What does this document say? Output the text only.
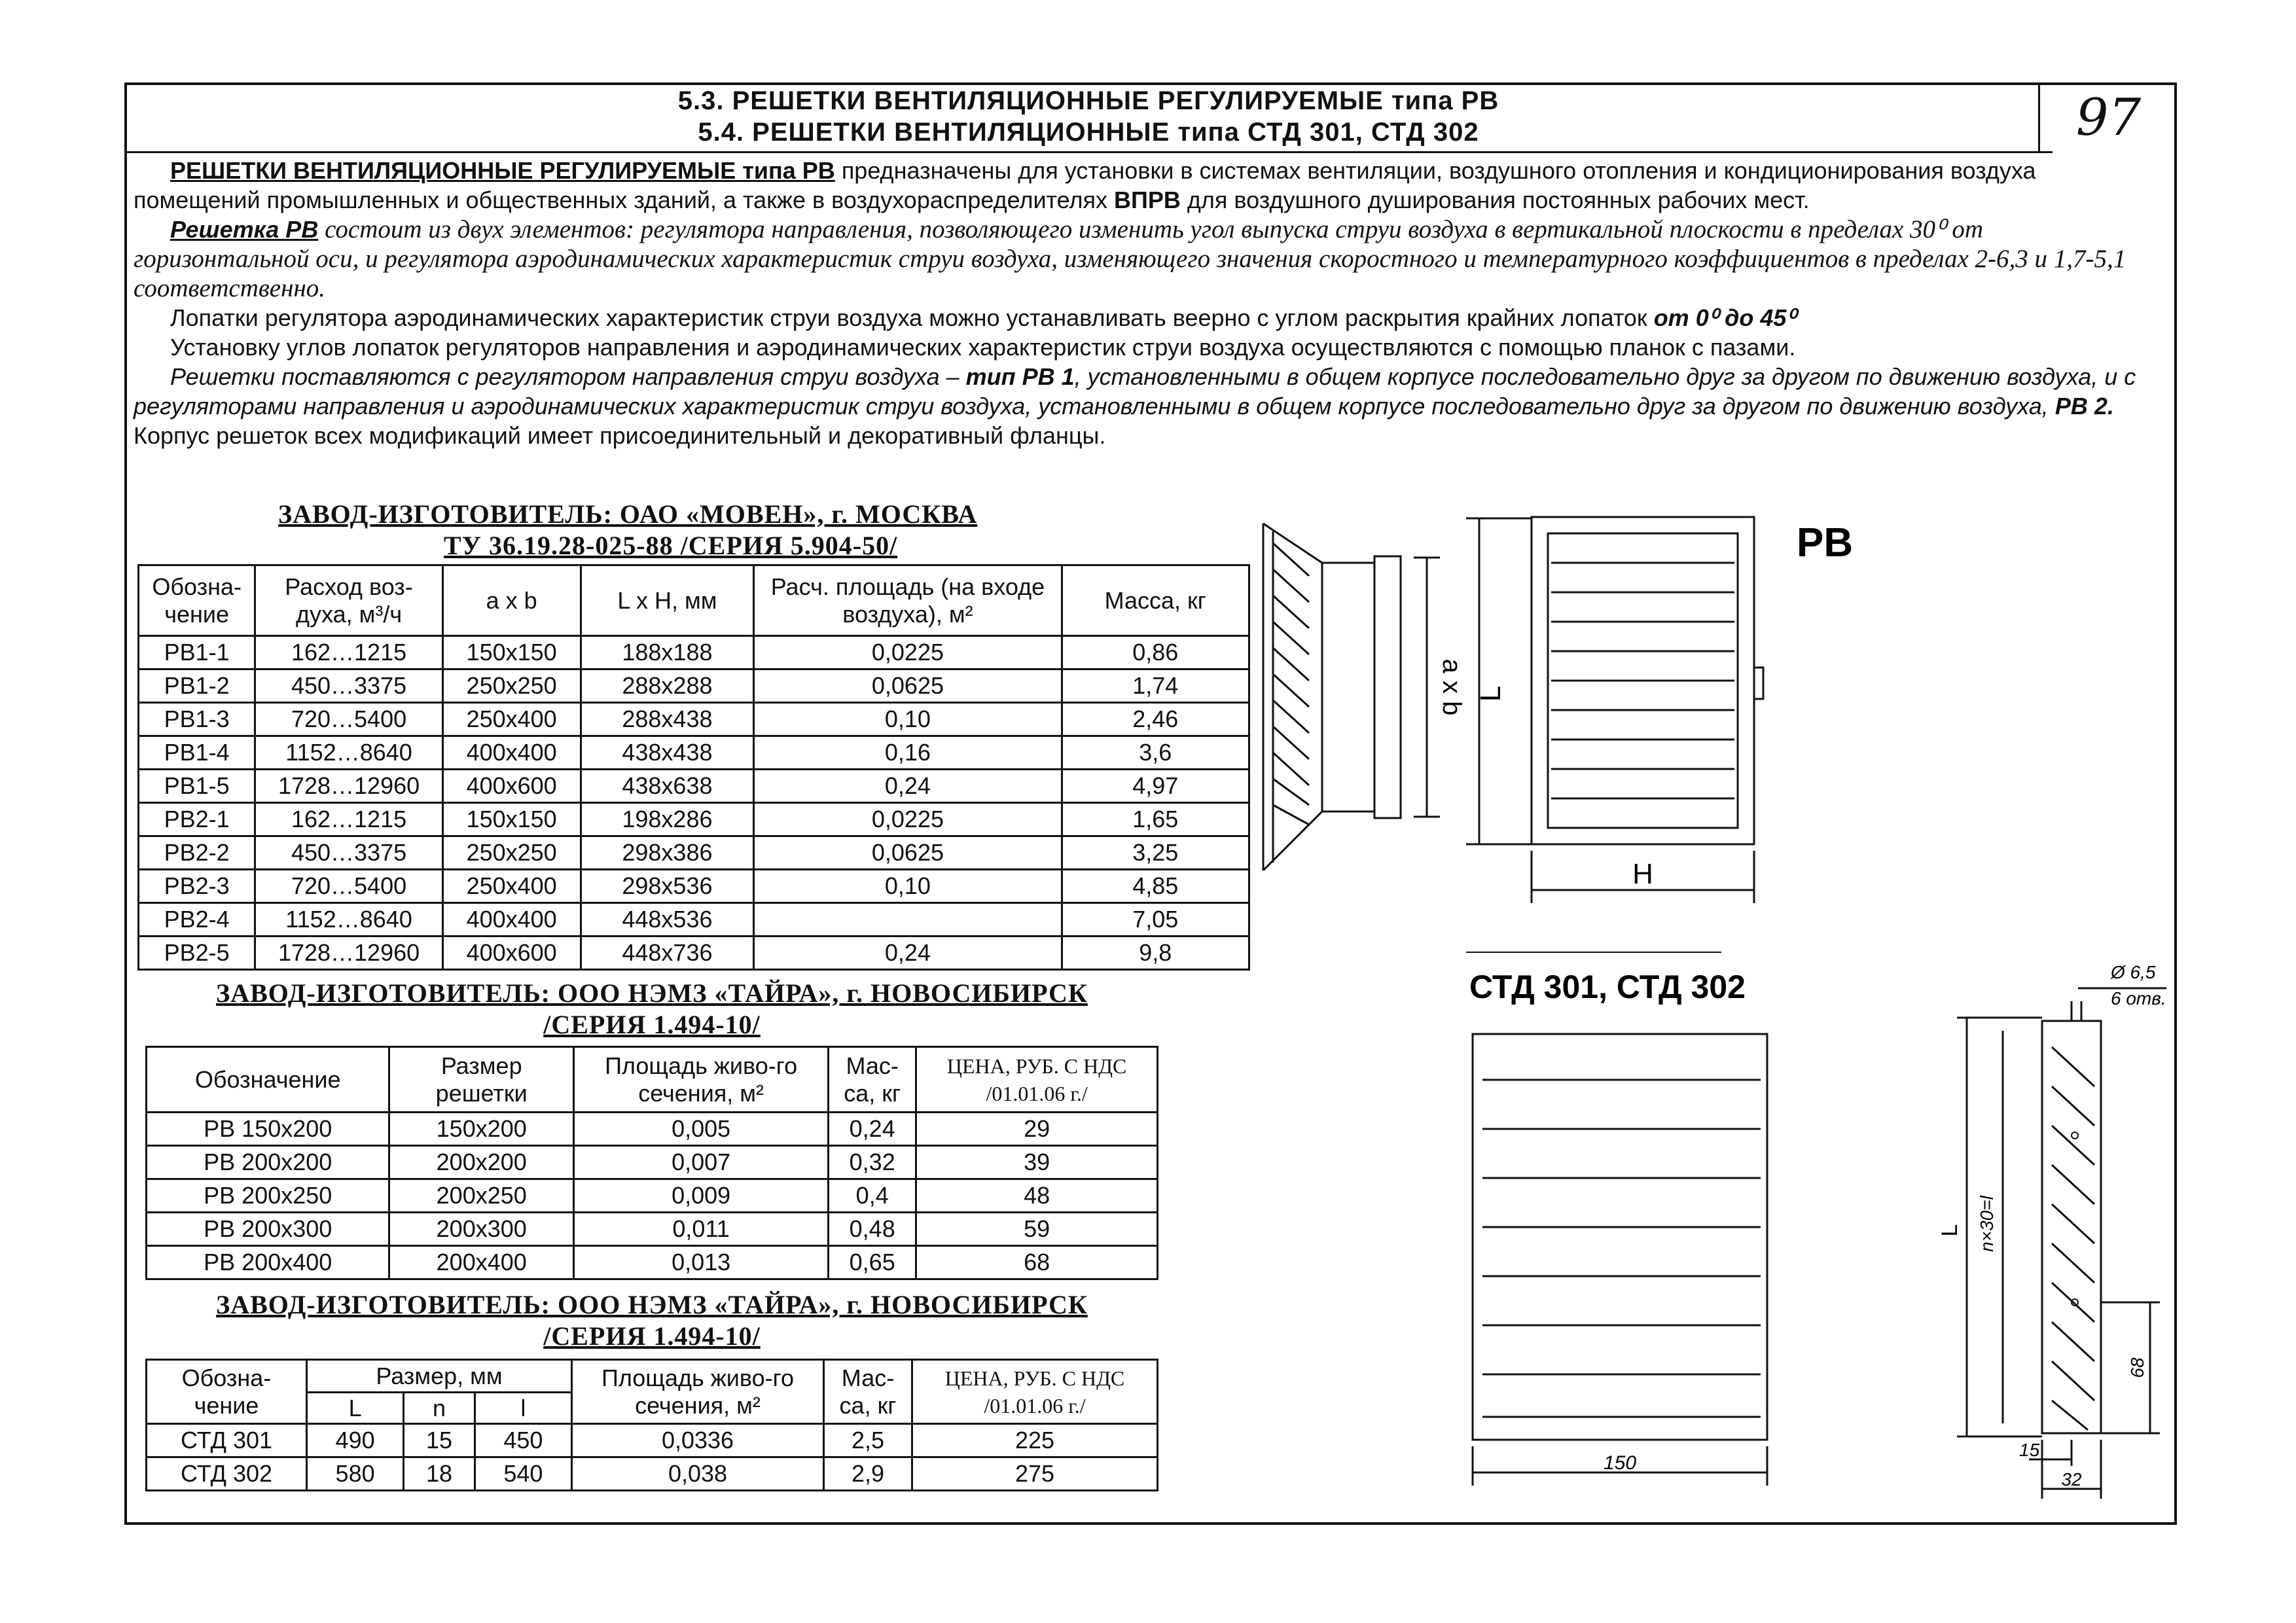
5.3. РЕШЕТКИ ВЕНТИЛЯЦИОННЫЕ РЕГУЛИРУЕМЫЕ типа РВ
5.4. РЕШЕТКИ ВЕНТИЛЯЦИОННЫЕ типа СТД 301, СТД 302	97

РЕШЕТКИ ВЕНТИЛЯЦИОННЫЕ РЕГУЛИРУЕМЫЕ типа РВ предназначены для установки в системах вентиляции, воздушного отопления и кондиционирования воздуха помещений промышленных и общественных зданий, а также в воздухораспределителях ВПРВ для воздушного душирования постоянных рабочих мест.

Решетка РВ состоит из двух элементов: регулятора направления, позволяющего изменить угол выпуска струи воздуха в вертикальной плоскости в пределах 30⁰ от горизонтальной оси, и регулятора аэродинамических характеристик струи воздуха, изменяющего значения скоростного и температурного коэффициентов в пределах 2-6,3 и 1,7-5,1 соответственно.

Лопатки регулятора аэродинамических характеристик струи воздуха можно устанавливать веерно с углом раскрытия крайних лопаток от 0⁰ до 45⁰

Установку углов лопаток регуляторов направления и аэродинамических характеристик струи воздуха осуществляются с помощью планок с пазами.

Решетки поставляются с регулятором направления струи воздуха – тип РВ 1, установленными в общем корпусе последовательно друг за другом по движению воздуха, и с регуляторами направления и аэродинамических характеристик струи воздуха, установленными в общем корпусе последовательно друг за другом по движению воздуха, РВ 2. Корпус решеток всех модификаций имеет присоединительный и декоративный фланцы.

ЗАВОД-ИЗГОТОВИТЕЛЬ: ОАО «МОВЕН», г. МОСКВА
ТУ 36.19.28-025-88 /СЕРИЯ 5.904-50/
Обозна-чение	Расход воз-духа, м³/ч	a x b	L x H, мм	Расч. площадь (на входе воздуха), м²	Масса, кг
РВ1-1	162…1215	150x150	188x188	0,0225	0,86
РВ1-2	450…3375	250x250	288x288	0,0625	1,74
РВ1-3	720…5400	250x400	288x438	0,10	2,46
РВ1-4	1152…8640	400x400	438x438	0,16	3,6
РВ1-5	1728…12960	400x600	438x638	0,24	4,97
РВ2-1	162…1215	150x150	198x286	0,0225	1,65
РВ2-2	450…3375	250x250	298x386	0,0625	3,25
РВ2-3	720…5400	250x400	298x536	0,10	4,85
РВ2-4	1152…8640	400x400	448x536		7,05
РВ2-5	1728…12960	400x600	448x736	0,24	9,8
ЗАВОД-ИЗГОТОВИТЕЛЬ: ООО НЭМЗ «ТАЙРА», г. НОВОСИБИРСК
/СЕРИЯ 1.494-10/
Обозначение	Размер решетки	Площадь живо-го сечения, м²	Мас-са, кг	ЦЕНА, РУБ. С НДС /01.01.06 г./
РВ 150х200	150х200	0,005	0,24	29
РВ 200х200	200х200	0,007	0,32	39
РВ 200х250	200х250	0,009	0,4	48
РВ 200х300	200х300	0,011	0,48	59
РВ 200х400	200х400	0,013	0,65	68
ЗАВОД-ИЗГОТОВИТЕЛЬ: ООО НЭМЗ «ТАЙРА», г. НОВОСИБИРСК
/СЕРИЯ 1.494-10/
Обозна-чение	Размер, мм			Площадь живо-го сечения, м²	Мас-са, кг	ЦЕНА, РУБ. С НДС /01.01.06 г./
	L	n	l			
СТД 301	490	15	450	0,0336	2,5	225
СТД 302	580	18	540	0,038	2,9	275
a x b L
H
РВ
СТД 301, СТД 302
150
Ø 6,5
6 отв.
L n×30=l
68
15
32
